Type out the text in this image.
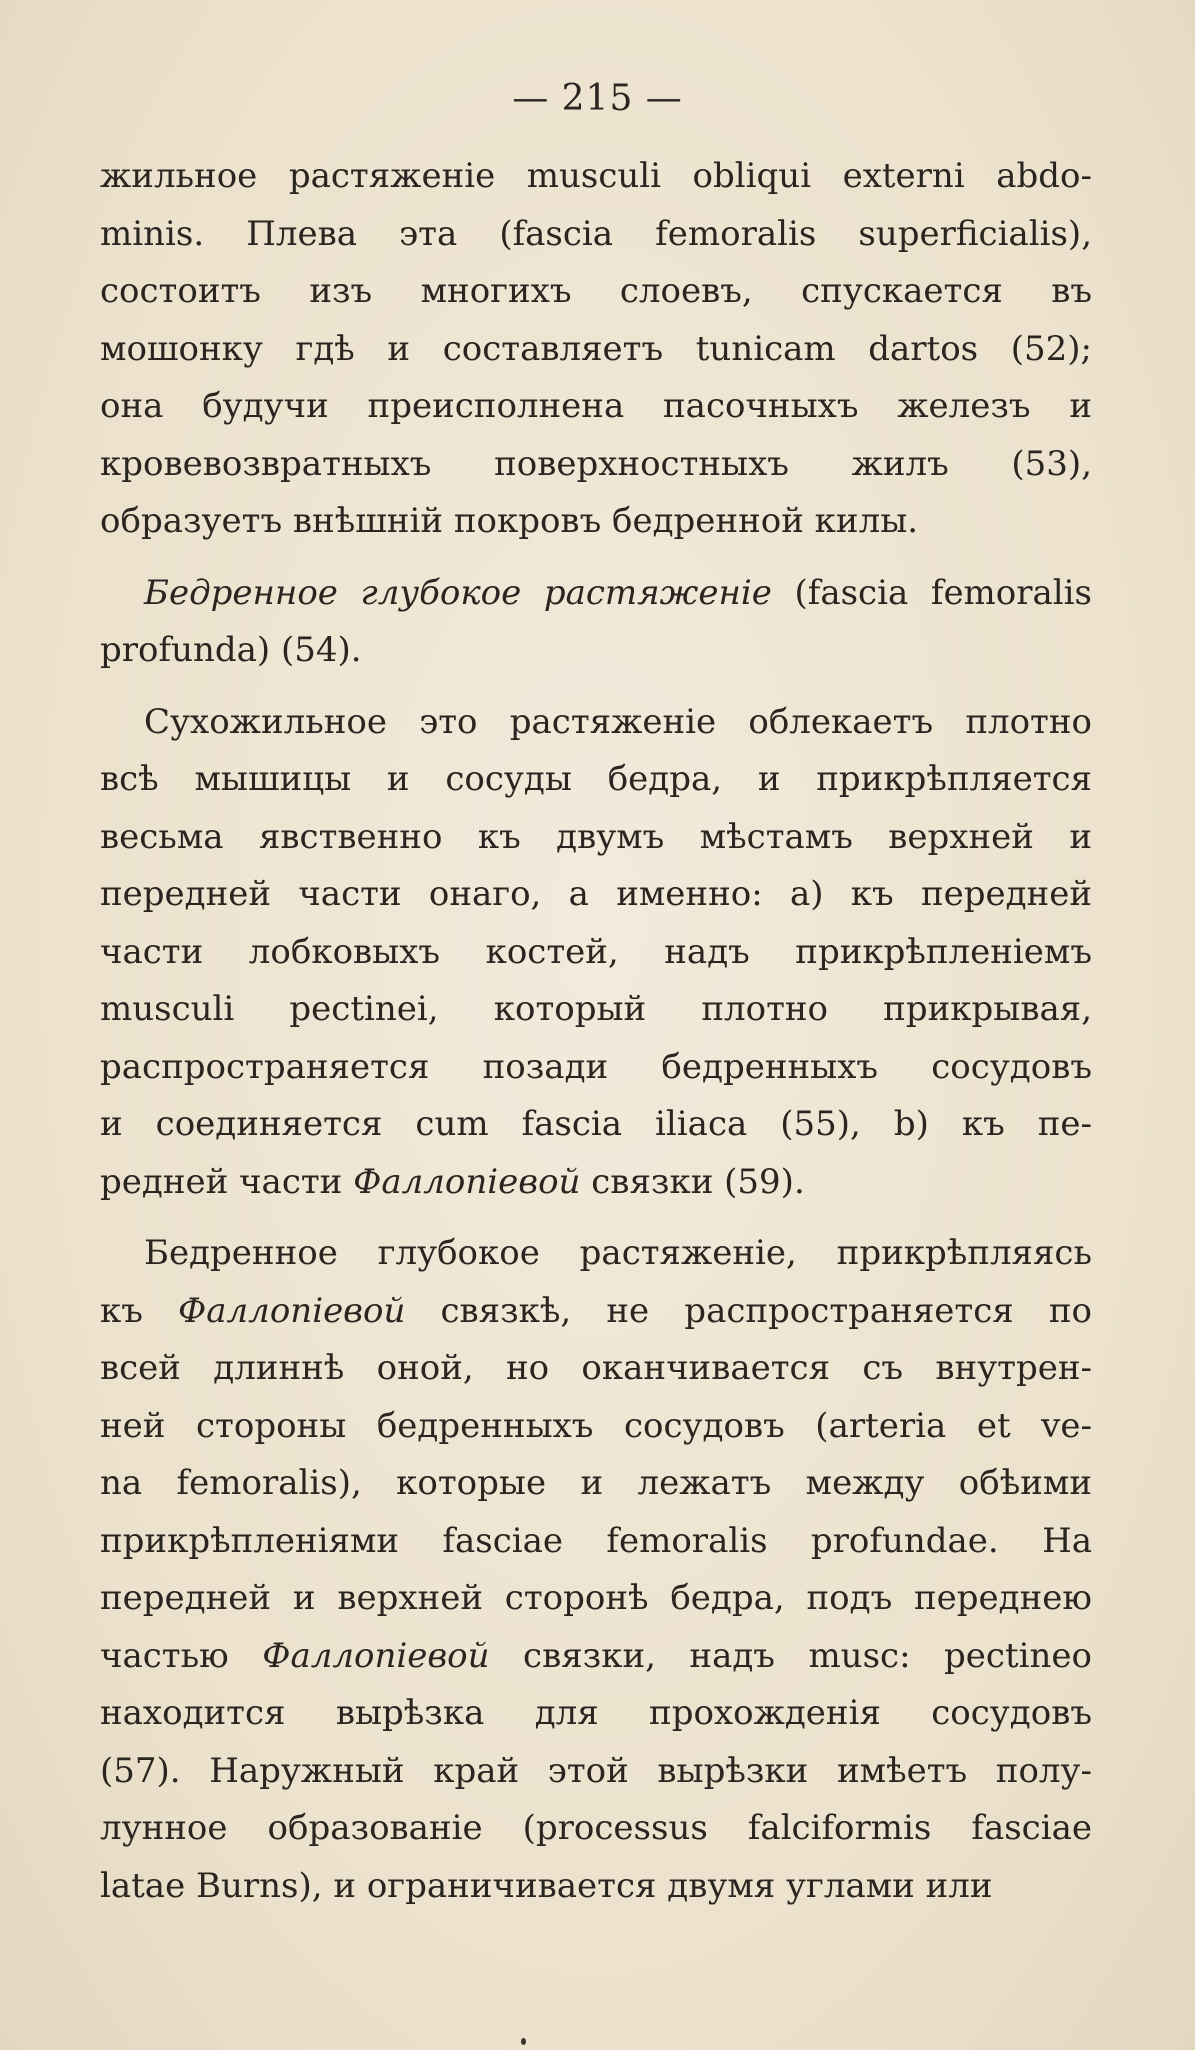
— 215 —
жильное растяженіе musculi obliqui externi abdo-
minis. Плева эта (fascia femoralis superficialis),
состоитъ изъ многихъ слоевъ, спускается въ
мошонку гдѣ и составляетъ tunicam dartos (52);
она будучи преисполнена пасочныхъ железъ и
кровевозвратныхъ поверхностныхъ жилъ (53),
образуетъ внѣшній покровъ бедренной килы.
Бедренное глубокое растяженіе (fascia femoralis
profunda) (54).
Сухожильное это растяженіе облекаетъ плотно
всѣ мышицы и сосуды бедра, и прикрѣпляется
весьма явственно къ двумъ мѣстамъ верхней и
передней части онаго, а именно: a) къ передней
части лобковыхъ костей, надъ прикрѣпленіемъ
musculi pectinei, который плотно прикрывая,
распространяется позади бедренныхъ сосудовъ
и соединяется cum fascia iliaca (55), b) къ пе-
редней части Фаллопіевой связки (59).
Бедренное глубокое растяженіе, прикрѣпляясь
къ Фаллопіевой связкѣ, не распространяется по
всей длиннѣ оной, но оканчивается съ внутрен-
ней стороны бедренныхъ сосудовъ (arteria et ve-
na femoralis), которые и лежатъ между обѣими
прикрѣпленіями fasciae femoralis profundae. На
передней и верхней сторонѣ бедра, подъ переднею
частью Фаллопіевой связки, надъ musc: pectineo
находится вырѣзка для прохожденія сосудовъ
(57). Наружный край этой вырѣзки имѣетъ полу-
лунное образованіе (processus falciformis fasciae
latae Burns), и ограничивается двумя углами или
